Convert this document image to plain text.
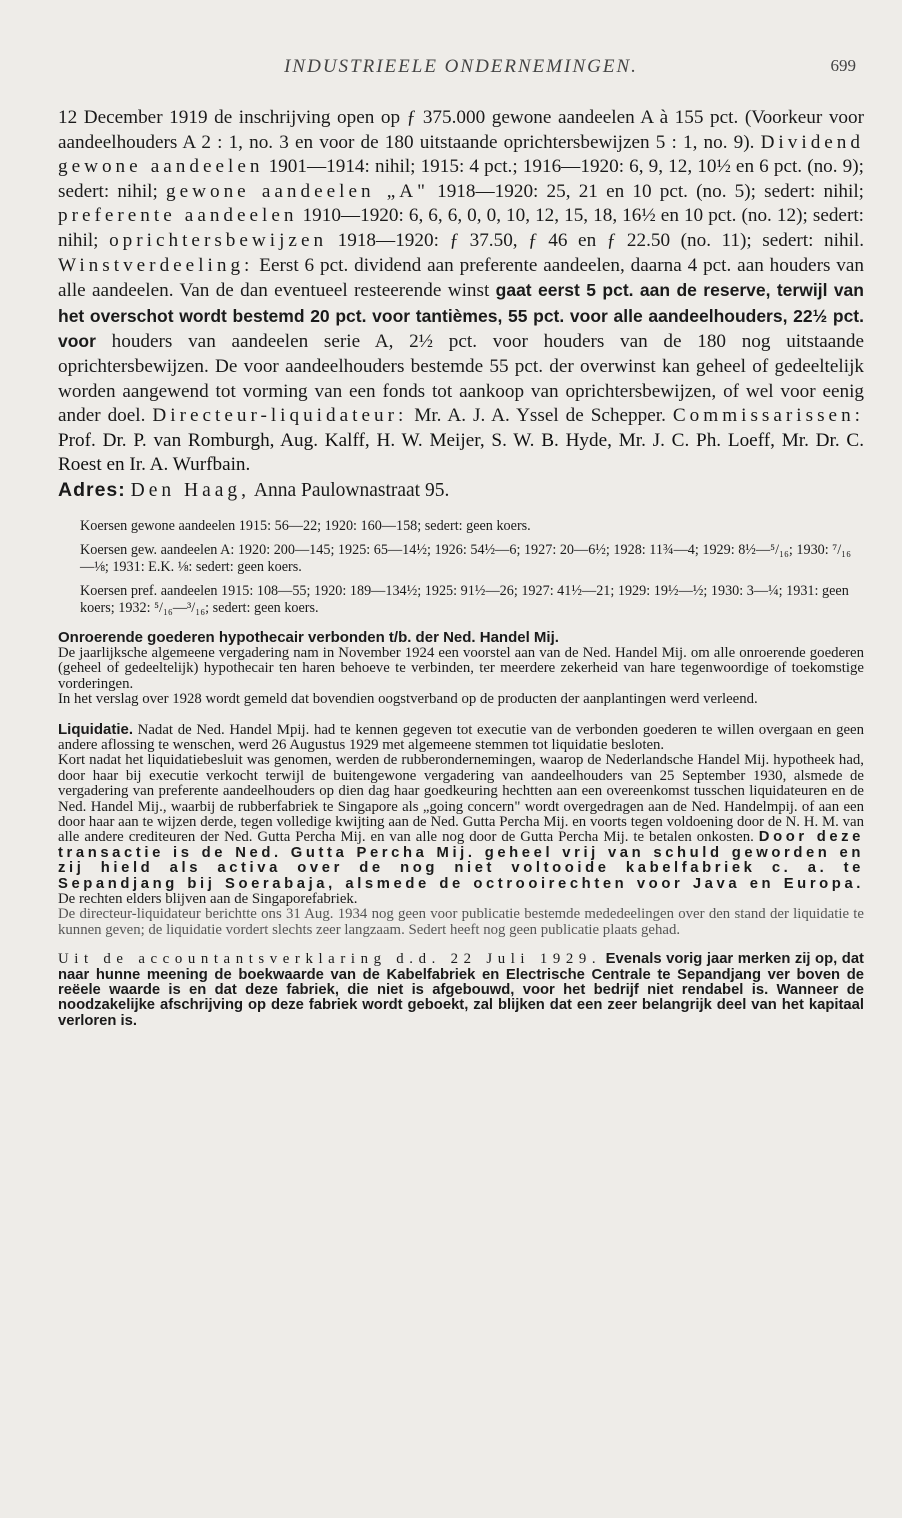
INDUSTRIEELE ONDERNEMINGEN.	699

12 December 1919 de inschrijving open op ƒ 375.000 gewone aandeelen A à 155 pct. (Voorkeur voor aandeelhouders A 2 : 1, no. 3 en voor de 180 uitstaande oprichtersbewijzen 5 : 1, no. 9). Dividend gewone aandeelen 1901—1914: nihil; 1915: 4 pct.; 1916—1920: 6, 9, 12, 10½ en 6 pct. (no. 9); sedert: nihil; gewone aandeelen „A" 1918—1920: 25, 21 en 10 pct. (no. 5); sedert: nihil; preferente aandeelen 1910—1920: 6, 6, 6, 0, 0, 10, 12, 15, 18, 16½ en 10 pct. (no. 12); sedert: nihil; oprichtersbewijzen 1918—1920: ƒ 37.50, ƒ 46 en ƒ 22.50 (no. 11); sedert: nihil. Winstverdeeling: Eerst 6 pct. dividend aan preferente aandeelen, daarna 4 pct. aan houders van alle aandeelen. Van de dan eventueel resteerende winst gaat eerst 5 pct. aan de reserve, terwijl van het overschot wordt bestemd 20 pct. voor tantièmes, 55 pct. voor alle aandeelhouders, 22½ pct. voor houders van aandeelen serie A, 2½ pct. voor houders van de 180 nog uitstaande oprichtersbewijzen. De voor aandeelhouders bestemde 55 pct. der overwinst kan geheel of gedeeltelijk worden aangewend tot vorming van een fonds tot aankoop van oprichtersbewijzen, of wel voor eenig ander doel. Directeur-liquidateur: Mr. A. J. A. Yssel de Schepper. Commissarissen: Prof. Dr. P. van Romburgh, Aug. Kalff, H. W. Meijer, S. W. B. Hyde, Mr. J. C. Ph. Loeff, Mr. Dr. C. Roest en Ir. A. Wurfbain.

Adres: Den Haag, Anna Paulownastraat 95.

Koersen gewone aandeelen 1915: 56—22; 1920: 160—158; sedert: geen koers.

Koersen gew. aandeelen A: 1920: 200—145; 1925: 65—14½; 1926: 54½—6; 1927: 20—6½; 1928: 11¾—4; 1929: 8½—⁵/₁₆; 1930: ⁷/₁₆—⅛; 1931: E.K. ⅛: sedert: geen koers.

Koersen pref. aandeelen 1915: 108—55; 1920: 189—134½; 1925: 91½—26; 1927: 41½—21; 1929: 19½—½; 1930: 3—¼; 1931: geen koers; 1932: ⁵/₁₆—³/₁₆; sedert: geen koers.

Onroerende goederen hypothecair verbonden t/b. der Ned. Handel Mij.

De jaarlijksche algemeene vergadering nam in November 1924 een voorstel aan van de Ned. Handel Mij. om alle onroerende goederen (geheel of gedeeltelijk) hypothecair ten haren behoeve te verbinden, ter meerdere zekerheid van hare tegenwoordige of toekomstige vorderingen.

In het verslag over 1928 wordt gemeld dat bovendien oogstverband op de producten der aanplantingen werd verleend.

Liquidatie. Nadat de Ned. Handel Mpij. had te kennen gegeven tot executie van de verbonden goederen te willen overgaan en geen andere aflossing te wenschen, werd 26 Augustus 1929 met algemeene stemmen tot liquidatie besloten.

Kort nadat het liquidatiebesluit was genomen, werden de rubberondernemingen, waarop de Nederlandsche Handel Mij. hypotheek had, door haar bij executie verkocht terwijl de buitengewone vergadering van aandeelhouders van 25 September 1930, alsmede de vergadering van preferente aandeelhouders op dien dag haar goedkeuring hechtten aan een overeenkomst tusschen liquidateuren en de Ned. Handel Mij., waarbij de rubberfabriek te Singapore als „going concern" wordt overgedragen aan de Ned. Handelmpij. of aan een door haar aan te wijzen derde, tegen volledige kwijting aan de Ned. Gutta Percha Mij. en voorts tegen voldoening door de N. H. M. van alle andere crediteuren der Ned. Gutta Percha Mij. en van alle nog door de Gutta Percha Mij. te betalen onkosten. Door deze transactie is de Ned. Gutta Percha Mij. geheel vrij van schuld geworden en zij hield als activa over de nog niet voltooide kabelfabriek c. a. te Sepandjang bij Soerabaja, alsmede de octrooirechten voor Java en Europa. De rechten elders blijven aan de Singaporefabriek.

De directeur-liquidateur berichtte ons 31 Aug. 1934 nog geen voor publicatie bestemde mededeelingen over den stand der liquidatie te kunnen geven; de liquidatie vordert slechts zeer langzaam. Sedert heeft nog geen publicatie plaats gehad.

Uit de accountantsverklaring d.d. 22 Juli 1929. Evenals vorig jaar merken zij op, dat naar hunne meening de boekwaarde van de Kabelfabriek en Electrische Centrale te Sepandjang ver boven de reëele waarde is en dat deze fabriek, die niet is afgebouwd, voor het bedrijf niet rendabel is. Wanneer de noodzakelijke afschrijving op deze fabriek wordt geboekt, zal blijken dat een zeer belangrijk deel van het kapitaal verloren is.
